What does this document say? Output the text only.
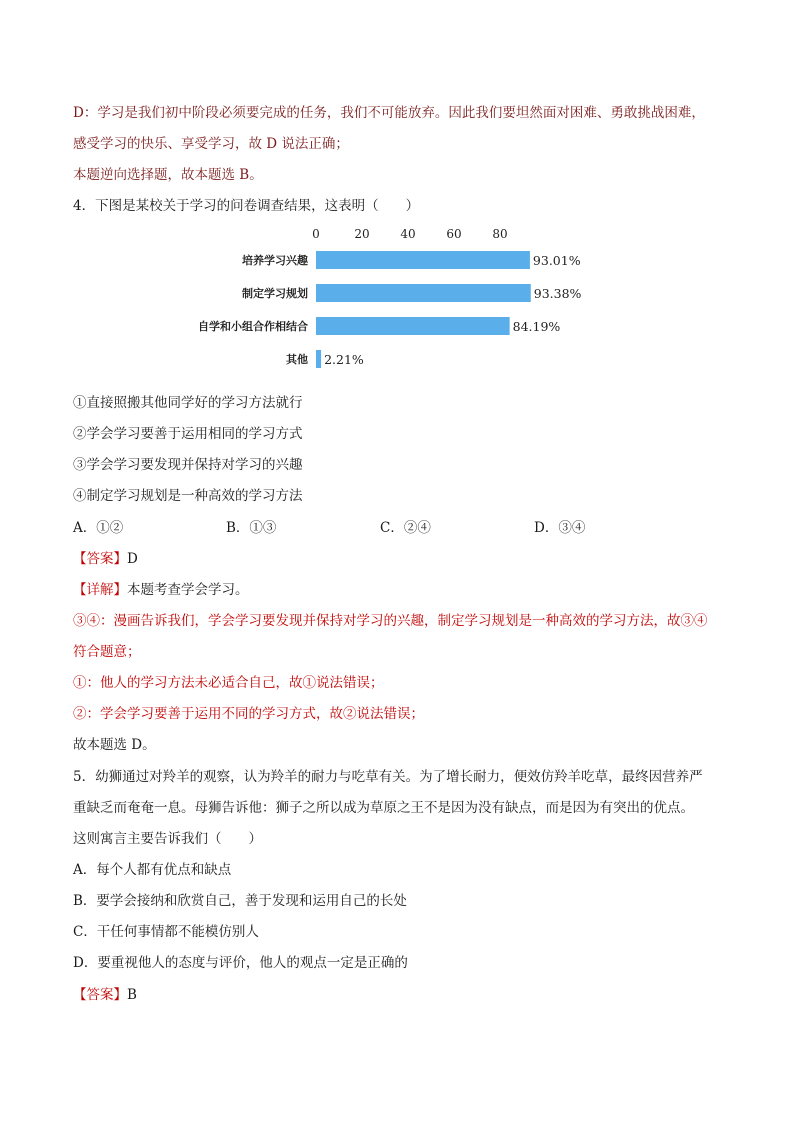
D：学习是我们初中阶段必须要完成的任务，我们不可能放弃。因此我们要坦然面对困难、勇敢挑战困难，
感受学习的快乐、享受学习，故 D 说法正确；
本题逆向选择题，故本题选 B。
4．下图是某校关于学习的问卷调查结果，这表明（　　）
0	20	40	60	80
培养学习兴趣
制定学习规划
自学和小组合作相结合
其他
93.01%
93.38%
84.19%
2.21%
①直接照搬其他同学好的学习方法就行
②学会学习要善于运用相同的学习方式
③学会学习要发现并保持对学习的兴趣
④制定学习规划是一种高效的学习方法
A．①②	B．①③	C．②④	D．③④
【答案】D
【详解】本题考查学会学习。
③④：漫画告诉我们，学会学习要发现并保持对学习的兴趣，制定学习规划是一种高效的学习方法，故③④
符合题意；
①：他人的学习方法未必适合自己，故①说法错误；
②：学会学习要善于运用不同的学习方式，故②说法错误；
故本题选 D。
5．幼狮通过对羚羊的观察，认为羚羊的耐力与吃草有关。为了增长耐力，便效仿羚羊吃草，最终因营养严
重缺乏而奄奄一息。母狮告诉他：狮子之所以成为草原之王不是因为没有缺点，而是因为有突出的优点。
这则寓言主要告诉我们（　　）
A．每个人都有优点和缺点
B．要学会接纳和欣赏自己，善于发现和运用自己的长处
C．干任何事情都不能模仿别人
D．要重视他人的态度与评价，他人的观点一定是正确的
【答案】B
